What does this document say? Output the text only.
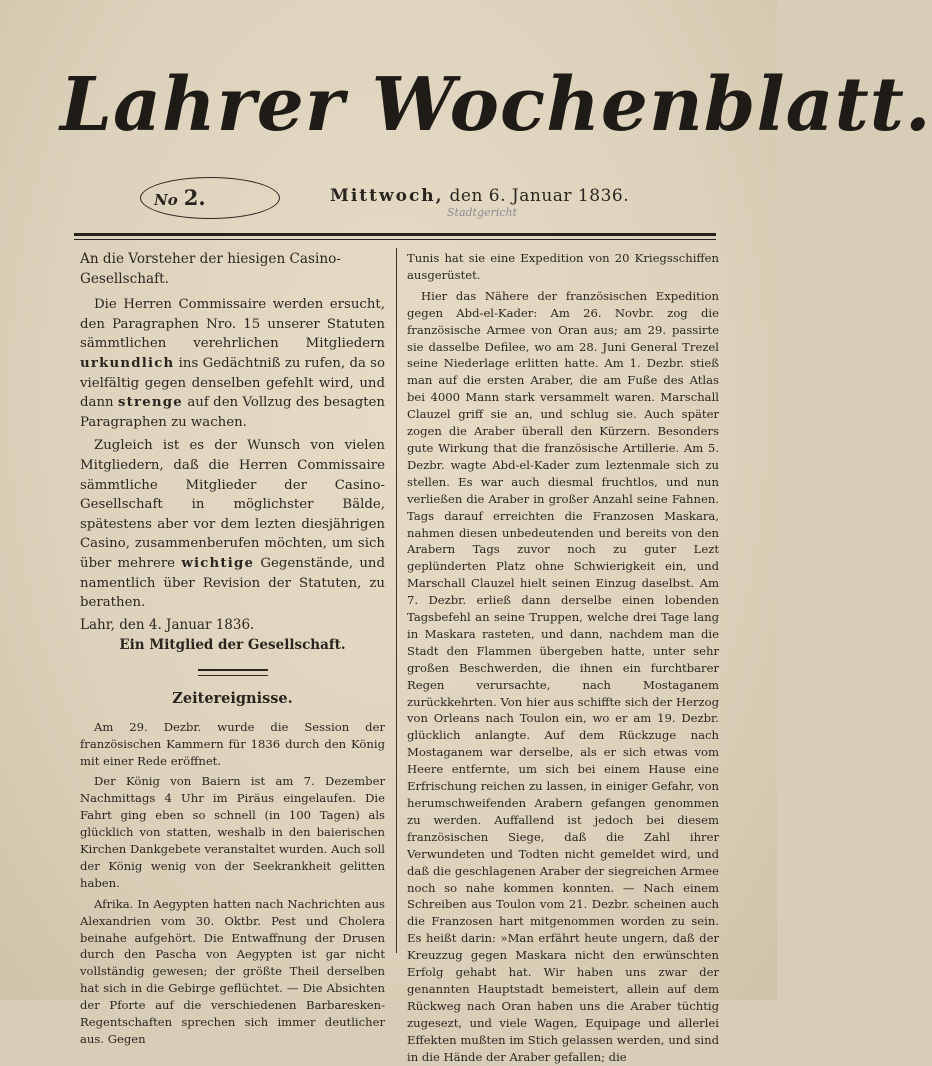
Lahrer Wochenblatt.
No 2.	Mittwoch, den 6. Januar 1836.
Stadtgericht

An die Vorsteher der hiesigen Casino-Gesellschaft.

Die Herren Commissaire werden ersucht, den Paragraphen Nro. 15 unserer Statuten sämmtlichen verehrlichen Mitgliedern urkundlich ins Gedächtniß zu rufen, da so vielfältig gegen denselben gefehlt wird, und dann strenge auf den Vollzug des besagten Paragraphen zu wachen.

Zugleich ist es der Wunsch von vielen Mitgliedern, daß die Herren Commissaire sämmtliche Mitglieder der Casino-Gesellschaft in möglichster Bälde, spätestens aber vor dem lezten diesjährigen Casino, zusammenberufen möchten, um sich über mehrere wichtige Gegenstände, und namentlich über Revision der Statuten, zu berathen.

Lahr, den 4. Januar 1836.

Ein Mitglied der Gesellschaft.

Zeitereignisse.

Am 29. Dezbr. wurde die Session der französischen Kammern für 1836 durch den König mit einer Rede eröffnet.

Der König von Baiern ist am 7. Dezember Nachmittags 4 Uhr im Piräus eingelaufen. Die Fahrt ging eben so schnell (in 100 Tagen) als glücklich von statten, weshalb in den baierischen Kirchen Dankgebete veranstaltet wurden. Auch soll der König wenig von der Seekrankheit gelitten haben.

Afrika. In Aegypten hatten nach Nachrichten aus Alexandrien vom 30. Oktbr. Pest und Cholera beinahe aufgehört. Die Entwaffnung der Drusen durch den Pascha von Aegypten ist gar nicht vollständig gewesen; der größte Theil derselben hat sich in die Gebirge geflüchtet. — Die Absichten der Pforte auf die verschiedenen Barbaresken-Regentschaften sprechen sich immer deutlicher aus. Gegen

Tunis hat sie eine Expedition von 20 Kriegsschiffen ausgerüstet.

Hier das Nähere der französischen Expedition gegen Abd-el-Kader: Am 26. Novbr. zog die französische Armee von Oran aus; am 29. passirte sie dasselbe Defilee, wo am 28. Juni General Trezel seine Niederlage erlitten hatte. Am 1. Dezbr. stieß man auf die ersten Araber, die am Fuße des Atlas bei 4000 Mann stark versammelt waren. Marschall Clauzel griff sie an, und schlug sie. Auch später zogen die Araber überall den Kürzern. Besonders gute Wirkung that die französische Artillerie. Am 5. Dezbr. wagte Abd-el-Kader zum leztenmale sich zu stellen. Es war auch diesmal fruchtlos, und nun verließen die Araber in großer Anzahl seine Fahnen. Tags darauf erreichten die Franzosen Maskara, nahmen diesen unbedeutenden und bereits von den Arabern Tags zuvor noch zu guter Lezt geplünderten Platz ohne Schwierigkeit ein, und Marschall Clauzel hielt seinen Einzug daselbst. Am 7. Dezbr. erließ dann derselbe einen lobenden Tagsbefehl an seine Truppen, welche drei Tage lang in Maskara rasteten, und dann, nachdem man die Stadt den Flammen übergeben hatte, unter sehr großen Beschwerden, die ihnen ein furchtbarer Regen verursachte, nach Mostaganem zurückkehrten. Von hier aus schiffte sich der Herzog von Orleans nach Toulon ein, wo er am 19. Dezbr. glücklich anlangte. Auf dem Rückzuge nach Mostaganem war derselbe, als er sich etwas vom Heere entfernte, um sich bei einem Hause eine Erfrischung reichen zu lassen, in einiger Gefahr, von herumschweifenden Arabern gefangen genommen zu werden. Auffallend ist jedoch bei diesem französischen Siege, daß die Zahl ihrer Verwundeten und Todten nicht gemeldet wird, und daß die geschlagenen Araber der siegreichen Armee noch so nahe kommen konnten. — Nach einem Schreiben aus Toulon vom 21. Dezbr. scheinen auch die Franzosen hart mitgenommen worden zu sein. Es heißt darin: »Man erfährt heute ungern, daß der Kreuzzug gegen Maskara nicht den erwünschten Erfolg gehabt hat. Wir haben uns zwar der genannten Hauptstadt bemeistert, allein auf dem Rückweg nach Oran haben uns die Araber tüchtig zugesezt, und viele Wagen, Equipage und allerlei Effekten mußten im Stich gelassen werden, und sind in die Hände der Araber gefallen; die
